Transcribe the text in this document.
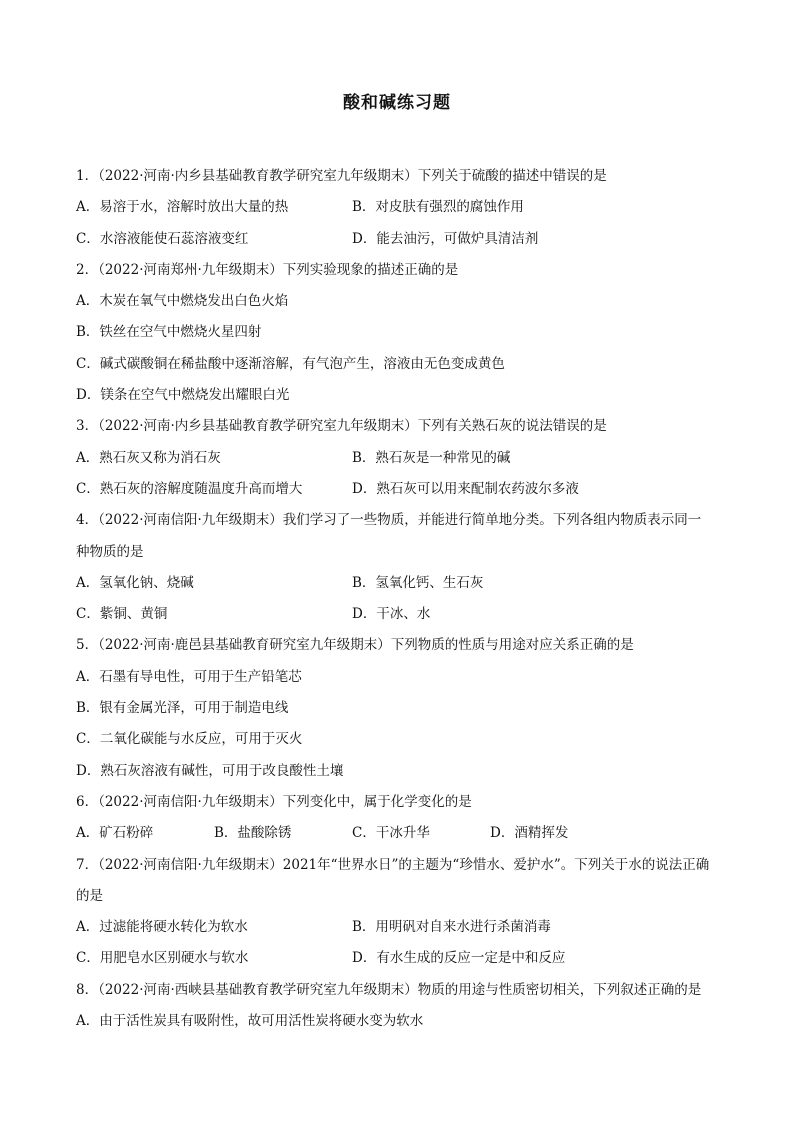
酸和碱练习题
1．（2022·河南·内乡县基础教育教学研究室九年级期末）下列关于硫酸的描述中错误的是
A．易溶于水，溶解时放出大量的热	B．对皮肤有强烈的腐蚀作用
C．水溶液能使石蕊溶液变红	D．能去油污，可做炉具清洁剂
2．（2022·河南郑州·九年级期末）下列实验现象的描述正确的是
A．木炭在氧气中燃烧发出白色火焰
B．铁丝在空气中燃烧火星四射
C．碱式碳酸铜在稀盐酸中逐渐溶解，有气泡产生，溶液由无色变成黄色
D．镁条在空气中燃烧发出耀眼白光
3．（2022·河南·内乡县基础教育教学研究室九年级期末）下列有关熟石灰的说法错误的是
A．熟石灰又称为消石灰	B．熟石灰是一种常见的碱
C．熟石灰的溶解度随温度升高而增大	D．熟石灰可以用来配制农药波尔多液
4．（2022·河南信阳·九年级期末）我们学习了一些物质，并能进行简单地分类。下列各组内物质表示同一
种物质的是
A．氢氧化钠、烧碱	B．氢氧化钙、生石灰
C．紫铜、黄铜	D．干冰、水
5．（2022·河南·鹿邑县基础教育研究室九年级期末）下列物质的性质与用途对应关系正确的是
A．石墨有导电性，可用于生产铅笔芯
B．银有金属光泽，可用于制造电线
C．二氧化碳能与水反应，可用于灭火
D．熟石灰溶液有碱性，可用于改良酸性土壤
6．（2022·河南信阳·九年级期末）下列变化中，属于化学变化的是
A．矿石粉碎	B．盐酸除锈	C．干冰升华	D．酒精挥发
7．（2022·河南信阳·九年级期末）2021年“世界水日”的主题为“珍惜水、爱护水”。下列关于水的说法正确
的是
A．过滤能将硬水转化为软水	B．用明矾对自来水进行杀菌消毒
C．用肥皂水区别硬水与软水	D．有水生成的反应一定是中和反应
8．（2022·河南·西峡县基础教育教学研究室九年级期末）物质的用途与性质密切相关，下列叙述正确的是
A．由于活性炭具有吸附性，故可用活性炭将硬水变为软水
